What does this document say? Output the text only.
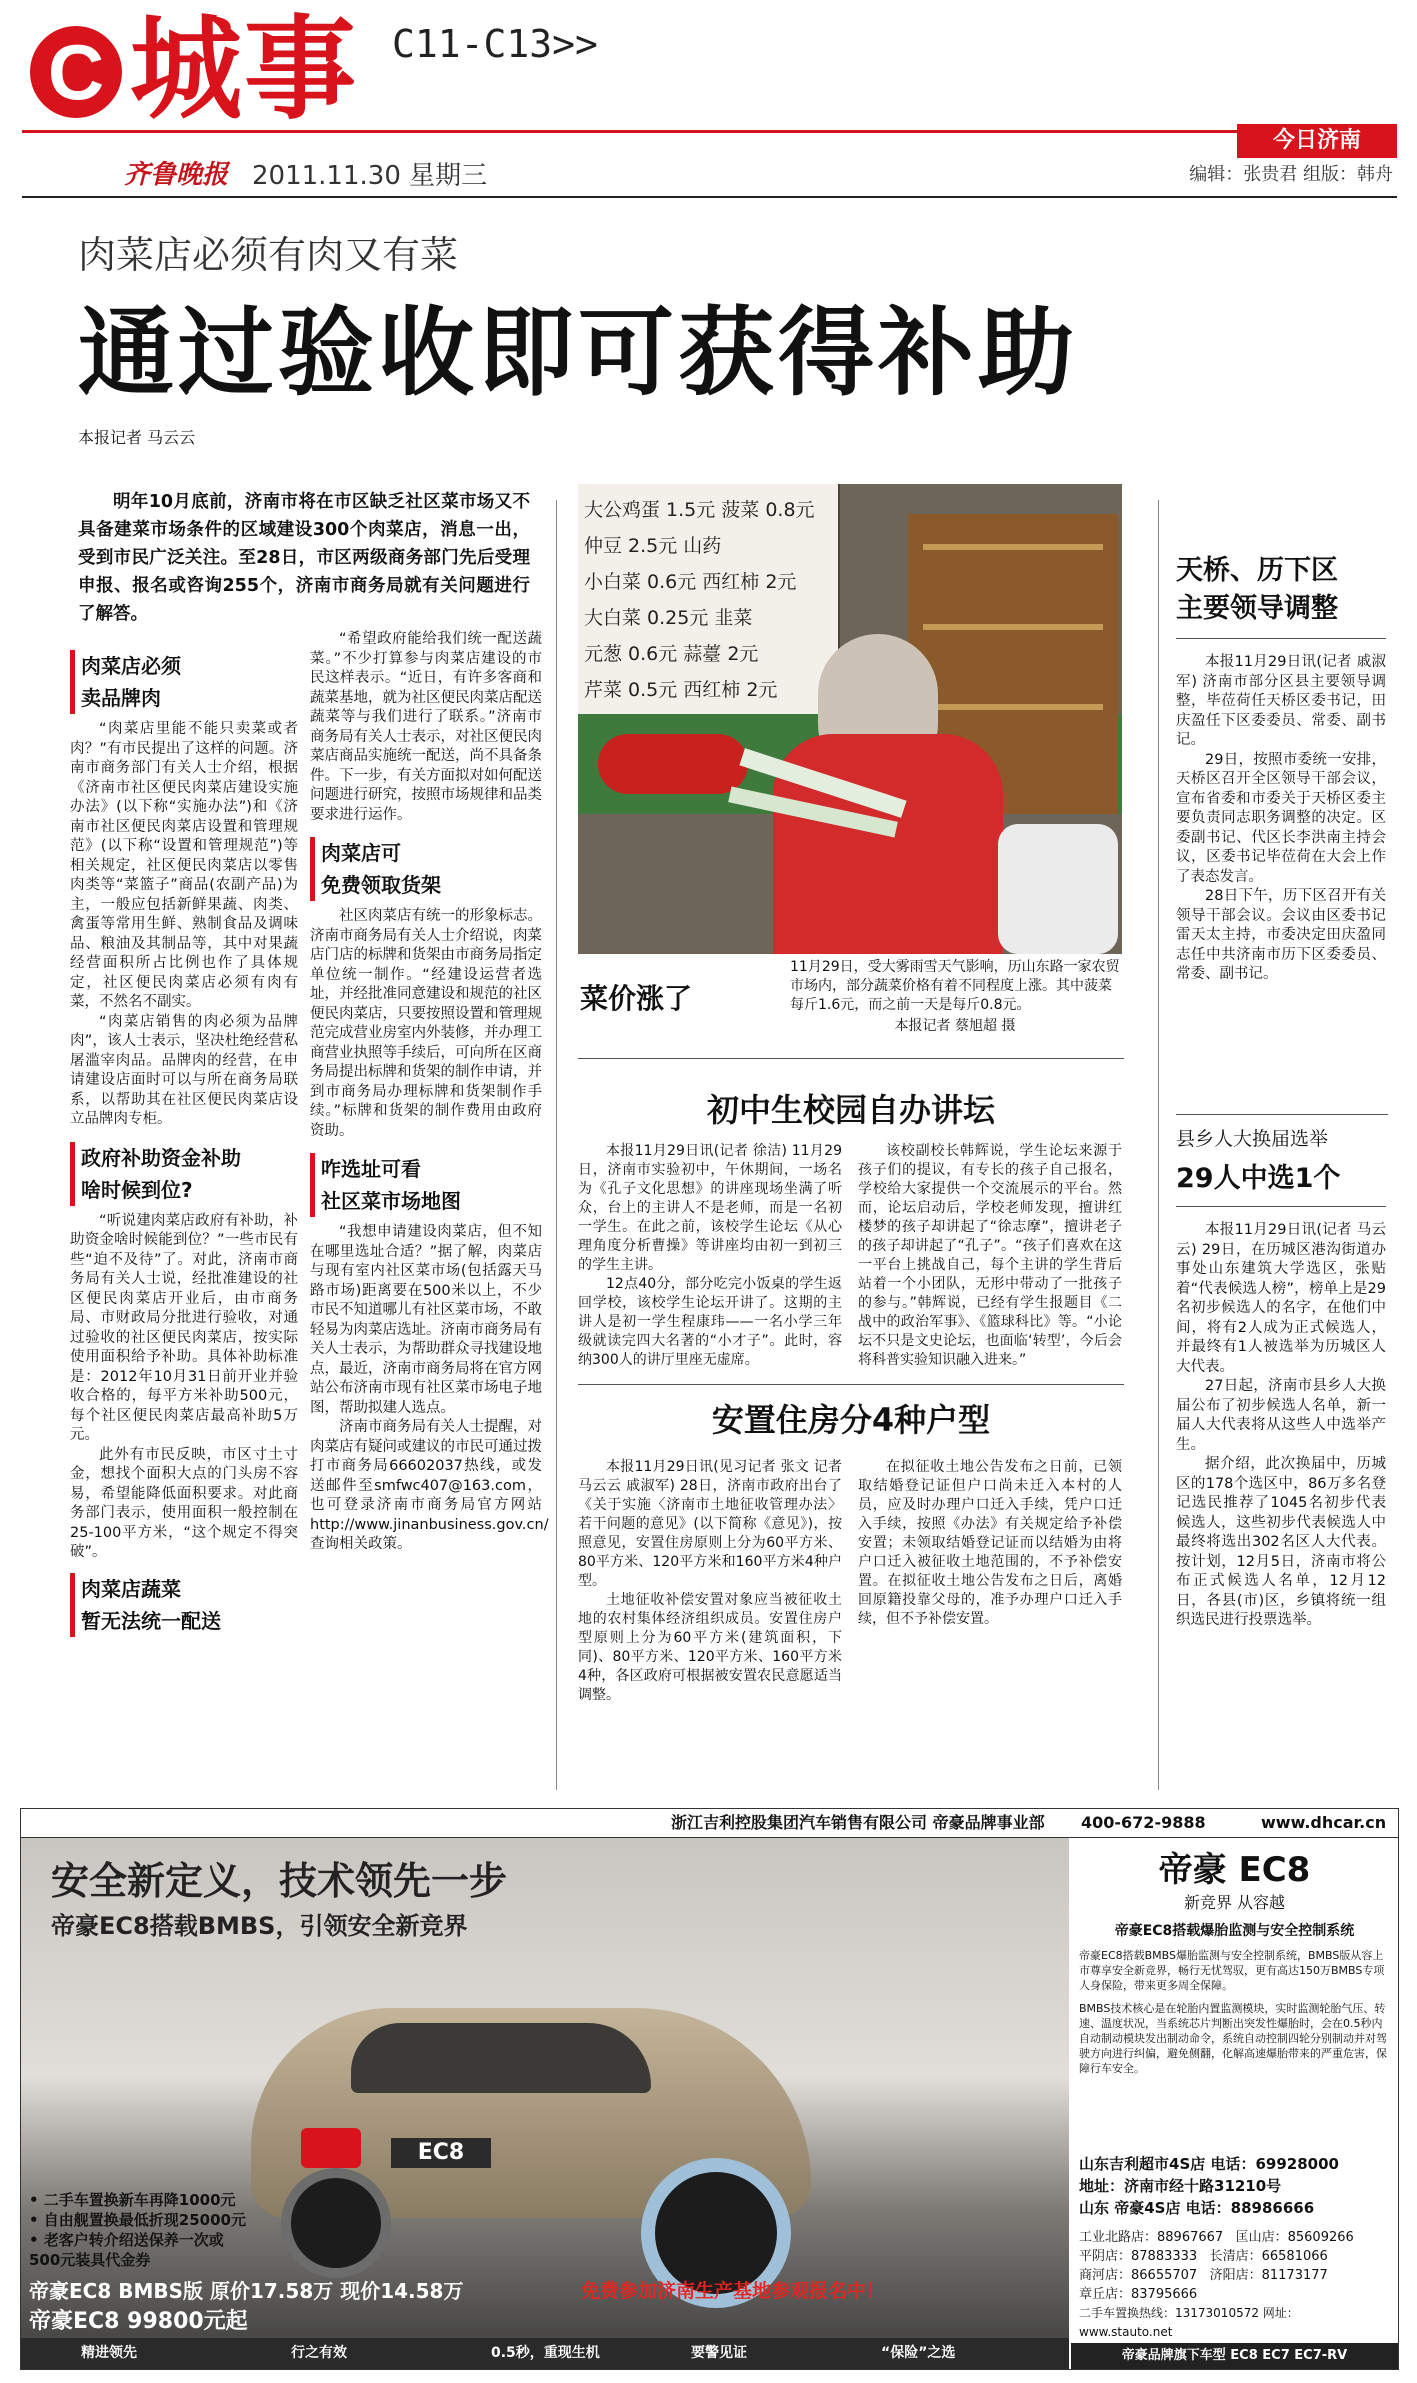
C 城事 C11-C13>>
今日济南
齐鲁晚报 2011.11.30 星期三	编辑：张贵君 组版：韩舟
肉菜店必须有肉又有菜
通过验收即可获得补助
本报记者 马云云
明年10月底前，济南市将在市区缺乏社区菜市场又不具备建菜市场条件的区域建设300个肉菜店，消息一出，受到市民广泛关注。至28日，市区两级商务部门先后受理申报、报名或咨询255个，济南市商务局就有关问题进行了解答。
肉菜店必须
卖品牌肉

“肉菜店里能不能只卖菜或者肉？”有市民提出了这样的问题。济南市商务部门有关人士介绍，根据《济南市社区便民肉菜店建设实施办法》(以下称“实施办法”)和《济南市社区便民肉菜店设置和管理规范》(以下称“设置和管理规范”)等相关规定，社区便民肉菜店以零售肉类等“菜篮子”商品(农副产品)为主，一般应包括新鲜果蔬、肉类、禽蛋等常用生鲜、熟制食品及调味品、粮油及其制品等，其中对果蔬经营面积所占比例也作了具体规定，社区便民肉菜店必须有肉有菜，不然名不副实。

“肉菜店销售的肉必须为品牌肉”，该人士表示，坚决杜绝经营私屠滥宰肉品。品牌肉的经营，在申请建设店面时可以与所在商务局联系，以帮助其在社区便民肉菜店设立品牌肉专柜。

政府补助资金补助
啥时候到位?

“听说建肉菜店政府有补助，补助资金啥时候能到位？”一些市民有些“迫不及待”了。对此，济南市商务局有关人士说，经批准建设的社区便民肉菜店开业后，由市商务局、市财政局分批进行验收，对通过验收的社区便民肉菜店，按实际使用面积给予补助。具体补助标准是：2012年10月31日前开业并验收合格的，每平方米补助500元，每个社区便民肉菜店最高补助5万元。

此外有市民反映，市区寸土寸金，想找个面积大点的门头房不容易，希望能降低面积要求。对此商务部门表示，使用面积一般控制在25-100平方米，“这个规定不得突破”。

肉菜店蔬菜
暂无法统一配送

“希望政府能给我们统一配送蔬菜。”不少打算参与肉菜店建设的市民这样表示。“近日，有许多客商和蔬菜基地，就为社区便民肉菜店配送蔬菜等与我们进行了联系。”济南市商务局有关人士表示，对社区便民肉菜店商品实施统一配送，尚不具备条件。下一步，有关方面拟对如何配送问题进行研究，按照市场规律和品类要求进行运作。

肉菜店可
免费领取货架

社区肉菜店有统一的形象标志。济南市商务局有关人士介绍说，肉菜店门店的标牌和货架由市商务局指定单位统一制作。“经建设运营者选址，并经批准同意建设和规范的社区便民肉菜店，只要按照设置和管理规范完成营业房室内外装修，并办理工商营业执照等手续后，可向所在区商务局提出标牌和货架的制作申请，并到市商务局办理标牌和货架制作手续。”标牌和货架的制作费用由政府资助。

咋选址可看
社区菜市场地图

“我想申请建设肉菜店，但不知在哪里选址合适？”据了解，肉菜店与现有室内社区菜市场(包括露天马路市场)距离要在500米以上，不少市民不知道哪儿有社区菜市场，不敢轻易为肉菜店选址。济南市商务局有关人士表示，为帮助群众寻找建设地点，最近，济南市商务局将在官方网站公布济南市现有社区菜市场电子地图，帮助拟建人选点。

济南市商务局有关人士提醒，对肉菜店有疑问或建议的市民可通过拨打市商务局66602037热线，或发送邮件至smfwc407@163.com，也可登录济南市商务局官方网站http://www.jinanbusiness.gov.cn/查询相关政策。

大公鸡蛋 1.5元 菠菜 0.8元
仲豆 2.5元 山药
小白菜 0.6元 西红柿 2元
大白菜 0.25元 韭菜
元葱 0.6元 蒜薹 2元
芹菜 0.5元 西红柿 2元
菜价涨了
11月29日，受大雾雨雪天气影响，历山东路一家农贸市场内，部分蔬菜价格有着不同程度上涨。其中菠菜每斤1.6元，而之前一天是每斤0.8元。
本报记者 蔡旭超 摄
初中生校园自办讲坛

本报11月29日讯(记者 徐洁) 11月29日，济南市实验初中，午休期间，一场名为《孔子文化思想》的讲座现场坐满了听众，台上的主讲人不是老师，而是一名初一学生。在此之前，该校学生论坛《从心理角度分析曹操》等讲座均由初一到初三的学生主讲。

12点40分，部分吃完小饭桌的学生返回学校，该校学生论坛开讲了。这期的主讲人是初一学生程康玮——一名小学三年级就读完四大名著的“小才子”。此时，容纳300人的讲厅里座无虚席。

该校副校长韩辉说，学生论坛来源于孩子们的提议，有专长的孩子自己报名，学校给大家提供一个交流展示的平台。然而，论坛启动后，学校老师发现，擅讲红楼梦的孩子却讲起了“徐志摩”，擅讲老子的孩子却讲起了“孔子”。“孩子们喜欢在这一平台上挑战自己，每个主讲的学生背后站着一个小团队，无形中带动了一批孩子的参与。”韩辉说，已经有学生报题目《二战中的政治军事》、《篮球科比》等。“小论坛不只是文史论坛，也面临‘转型’，今后会将科普实验知识融入进来。”

安置住房分4种户型

本报11月29日讯(见习记者 张文 记者 马云云 戚淑军) 28日，济南市政府出台了《关于实施〈济南市土地征收管理办法〉若干问题的意见》(以下简称《意见》)，按照意见，安置住房原则上分为60平方米、80平方米、120平方米和160平方米4种户型。

土地征收补偿安置对象应当被征收土地的农村集体经济组织成员。安置住房户型原则上分为60平方米(建筑面积，下同)、80平方米、120平方米、160平方米4种，各区政府可根据被安置农民意愿适当调整。

在拟征收土地公告发布之日前，已领取结婚登记证但户口尚未迁入本村的人员，应及时办理户口迁入手续，凭户口迁入手续，按照《办法》有关规定给予补偿安置；未领取结婚登记证而以结婚为由将户口迁入被征收土地范围的，不予补偿安置。在拟征收土地公告发布之日后，离婚回原籍投靠父母的，准予办理户口迁入手续，但不予补偿安置。

天桥、历下区
主要领导调整

本报11月29日讯(记者 戚淑军) 济南市部分区县主要领导调整，毕莅荷任天桥区委书记，田庆盈任下区委委员、常委、副书记。

29日，按照市委统一安排，天桥区召开全区领导干部会议，宣布省委和市委关于天桥区委主要负责同志职务调整的决定。区委副书记、代区长李洪南主持会议，区委书记毕莅荷在大会上作了表态发言。

28日下午，历下区召开有关领导干部会议。会议由区委书记雷天太主持，市委决定田庆盈同志任中共济南市历下区委委员、常委、副书记。

县乡人大换届选举
29人中选1个

本报11月29日讯(记者 马云云) 29日，在历城区港沟街道办事处山东建筑大学选区，张贴着“代表候选人榜”，榜单上是29名初步候选人的名字，在他们中间，将有2人成为正式候选人，并最终有1人被选举为历城区人大代表。

27日起，济南市县乡人大换届公布了初步候选人名单，新一届人大代表将从这些人中选举产生。

据介绍，此次换届中，历城区的178个选区中，86万多名登记选民推荐了1045名初步代表候选人，这些初步代表候选人中最终将选出302名区人大代表。按计划，12月5日，济南市将公布正式候选人名单，12月12日，各县(市)区，乡镇将统一组织选民进行投票选举。

浙江吉利控股集团汽车销售有限公司 帝豪品牌事业部 400-672-9888	www.dhcar.cn
安全新定义，技术领先一步
帝豪EC8搭载BMBS，引领安全新竞界
EC8
• 二手车置换新车再降1000元
• 自由舰置换最低折现25000元
• 老客户转介绍送保养一次或
500元装具代金券
帝豪EC8 BMBS版 原价17.58万 现价14.58万
帝豪EC8 99800元起
免费参加济南生产基地参观报名中！
精进领先	行之有效	0.5秒，重现生机	要警见证	“保险”之选
帝豪 EC8
新竞界 从容越
帝豪EC8搭载爆胎监测与安全控制系统
帝豪EC8搭载BMBS爆胎监测与安全控制系统，BMBS版从容上市尊享安全新竞界，畅行无忧驾驭，更有高达150万BMBS专项人身保险，带来更多周全保障。
BMBS技术核心是在轮胎内置监测模块，实时监测轮胎气压、转速、温度状况，当系统芯片判断出突发性爆胎时，会在0.5秒内自动制动模块发出制动命令，系统自动控制四轮分别制动并对驾驶方向进行纠偏，避免侧翻，化解高速爆胎带来的严重危害，保障行车安全。
山东吉利超市4S店 电话：69928000
地址：济南市经十路31210号
山东 帝豪4S店 电话：88986666
工业北路店：88967667 匡山店：85609266
平阴店：87883333 长清店：66581066
商河店：86655707 济阳店：81173177
章丘店：83795666
二手车置换热线：13173010572 网址：www.stauto.net
帝豪品牌旗下车型 EC8 EC7 EC7-RV
